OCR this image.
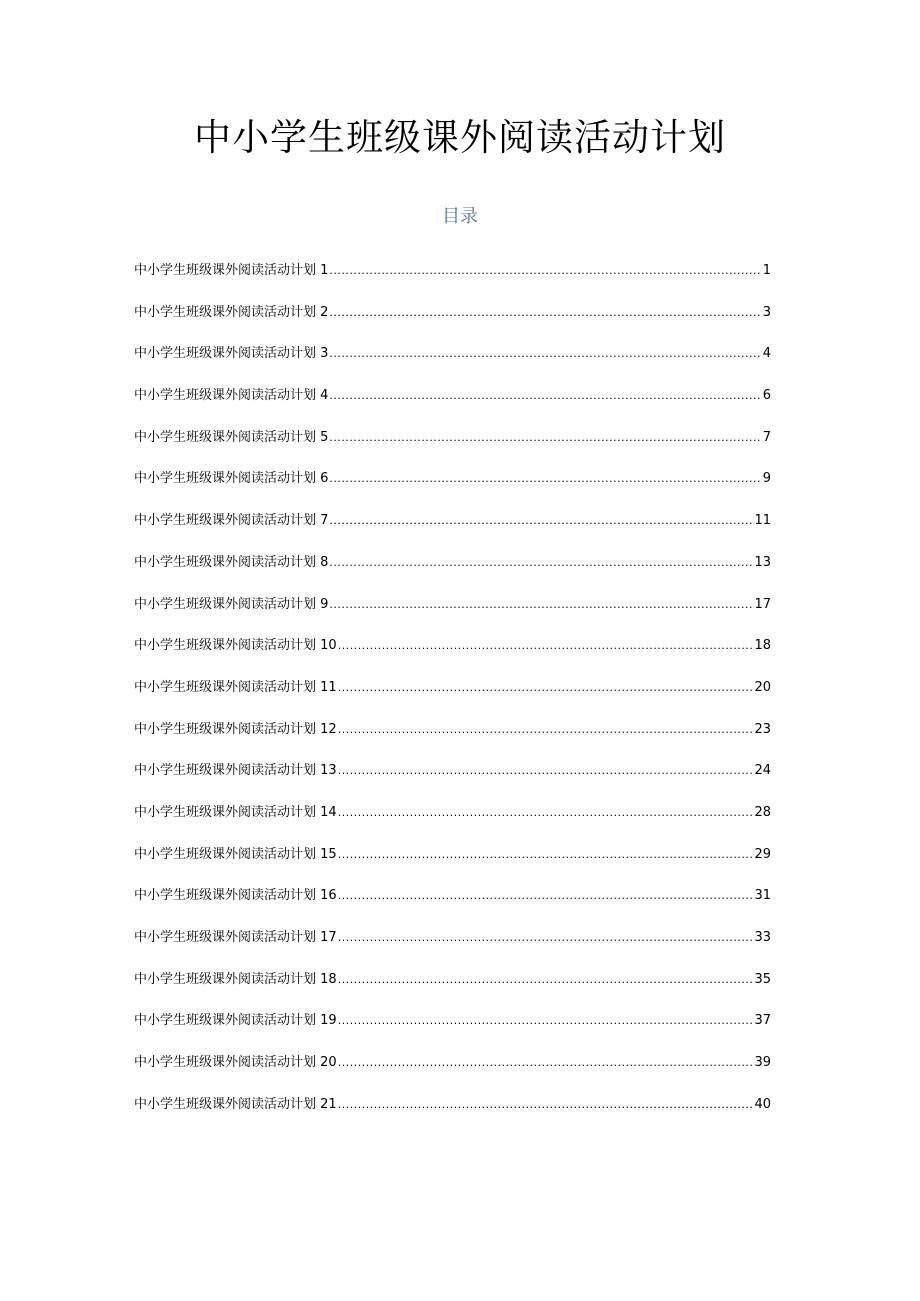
中小学生班级课外阅读活动计划
目录
中小学生班级课外阅读活动计划 1 .....	1
中小学生班级课外阅读活动计划 2 .....	3
中小学生班级课外阅读活动计划 3 .....	4
中小学生班级课外阅读活动计划 4 .....	6
中小学生班级课外阅读活动计划 5 .....	7
中小学生班级课外阅读活动计划 6 .....	9
中小学生班级课外阅读活动计划 7 .....	11
中小学生班级课外阅读活动计划 8 .....	13
中小学生班级课外阅读活动计划 9 .....	17
中小学生班级课外阅读活动计划 10 .....	18
中小学生班级课外阅读活动计划 11 .....	20
中小学生班级课外阅读活动计划 12 .....	23
中小学生班级课外阅读活动计划 13 .....	24
中小学生班级课外阅读活动计划 14 .....	28
中小学生班级课外阅读活动计划 15 .....	29
中小学生班级课外阅读活动计划 16 .....	31
中小学生班级课外阅读活动计划 17 .....	33
中小学生班级课外阅读活动计划 18 .....	35
中小学生班级课外阅读活动计划 19 .....	37
中小学生班级课外阅读活动计划 20 .....	39
中小学生班级课外阅读活动计划 21 .....	40
